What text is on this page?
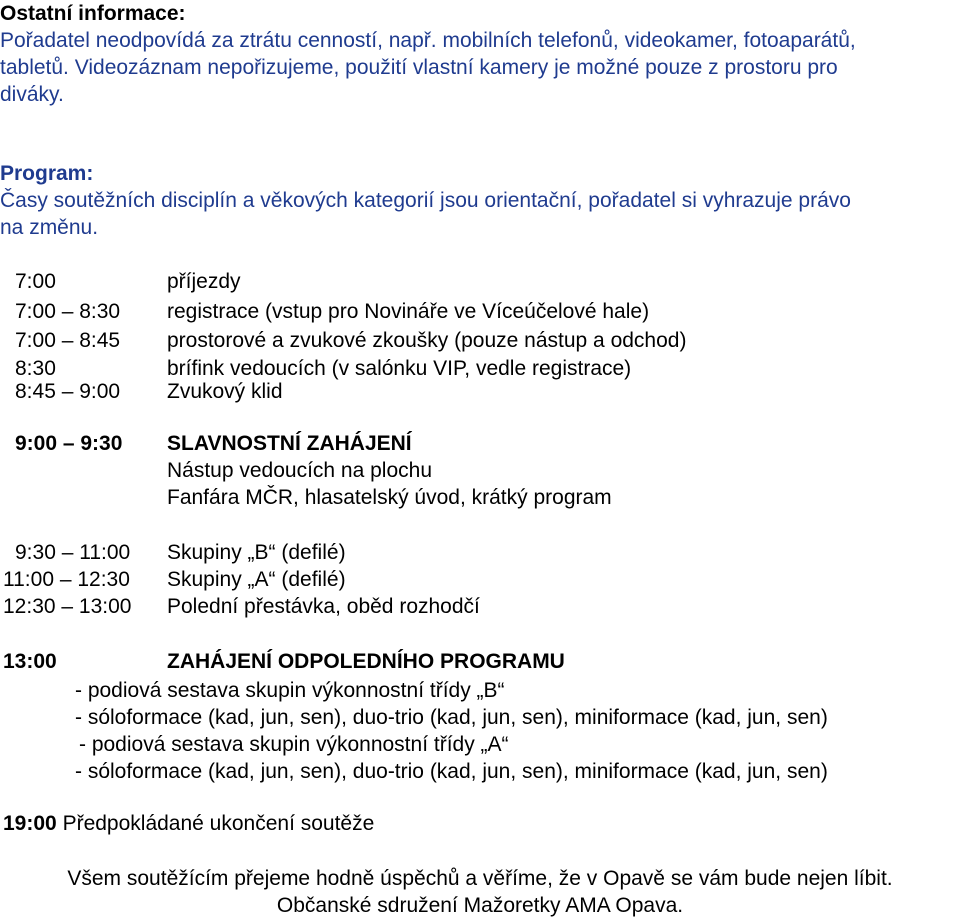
Ostatní informace:
Pořadatel neodpovídá za ztrátu cenností, např. mobilních telefonů, videokamer, fotoaparátů,
tabletů. Videozáznam nepořizujeme, použití vlastní kamery je možné pouze z prostoru pro
diváky.
Program:
Časy soutěžních disciplín a věkových kategorií jsou orientační, pořadatel si vyhrazuje právo
na změnu.
7:00	příjezdy
7:00 – 8:30 registrace (vstup pro Novináře ve Víceúčelové hale)
7:00 – 8:45 prostorové a zvukové zkoušky (pouze nástup a odchod)
8:30	brífink vedoucích (v salónku VIP, vedle registrace)
8:45 – 9:00 Zvukový klid
9:00 – 9:30 SLAVNOSTNÍ ZAHÁJENÍ
Nástup vedoucích na plochu
Fanfára MČR, hlasatelský úvod, krátký program
9:30 – 11:00 Skupiny „B“ (defilé)
11:00 – 12:30 Skupiny „A“ (defilé)
12:30 – 13:00 Polední přestávka, oběd rozhodčí
13:00	ZAHÁJENÍ ODPOLEDNÍHO PROGRAMU
- podiová sestava skupin výkonnostní třídy „B“
- sóloformace (kad, jun, sen), duo-trio (kad, jun, sen), miniformace (kad, jun, sen)
- podiová sestava skupin výkonnostní třídy „A“
- sóloformace (kad, jun, sen), duo-trio (kad, jun, sen), miniformace (kad, jun, sen)
19:00 Předpokládané ukončení soutěže
Všem soutěžícím přejeme hodně úspěchů a věříme, že v Opavě se vám bude nejen líbit.
Občanské sdružení Mažoretky AMA Opava.
